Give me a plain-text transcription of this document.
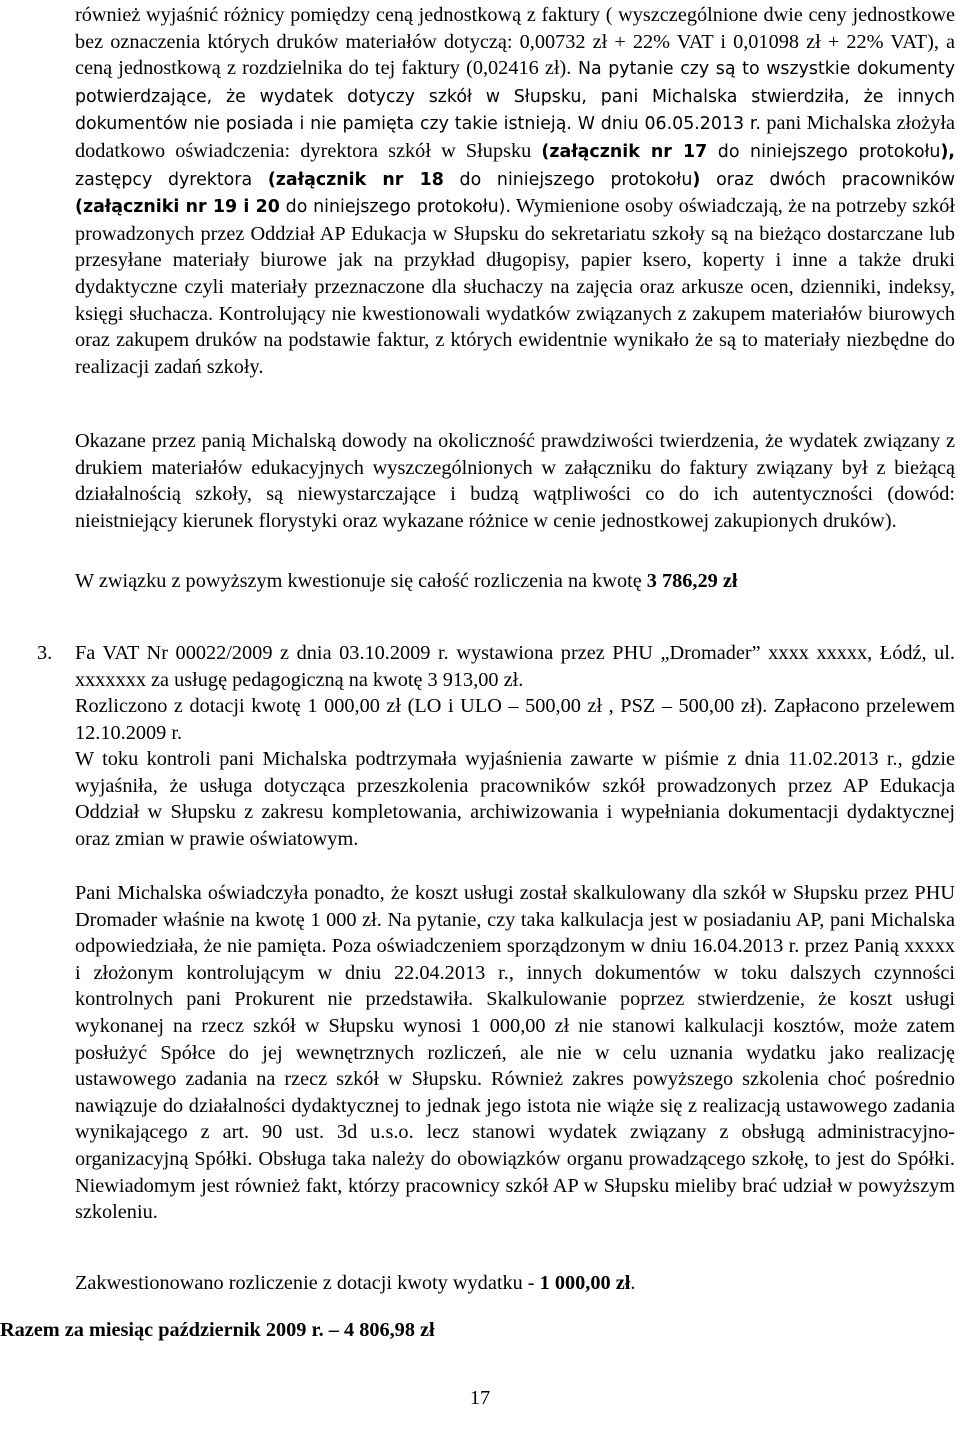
również wyjaśnić różnicy pomiędzy ceną jednostkową z faktury ( wyszczególnione dwie ceny jednostkowe bez oznaczenia których druków materiałów dotyczą: 0,00732 zł + 22% VAT i 0,01098 zł + 22% VAT), a ceną jednostkową z rozdzielnika do tej faktury (0,02416 zł). Na pytanie czy są to wszystkie dokumenty potwierdzające, że wydatek dotyczy szkół w Słupsku, pani Michalska stwierdziła, że innych dokumentów nie posiada i nie pamięta czy takie istnieją. W dniu 06.05.2013 r. pani Michalska złożyła dodatkowo oświadczenia: dyrektora szkół w Słupsku (załącznik nr 17 do niniejszego protokołu), zastępcy dyrektora (załącznik nr 18 do niniejszego protokołu) oraz dwóch pracowników (załączniki nr 19 i 20 do niniejszego protokołu). Wymienione osoby oświadczają, że na potrzeby szkół prowadzonych przez Oddział AP Edukacja w Słupsku do sekretariatu szkoły są na bieżąco dostarczane lub przesyłane materiały biurowe jak na przykład długopisy, papier ksero, koperty i inne a także druki dydaktyczne czyli materiały przeznaczone dla słuchaczy na zajęcia oraz arkusze ocen, dzienniki, indeksy, księgi słuchacza. Kontrolujący nie kwestionowali wydatków związanych z zakupem materiałów biurowych oraz zakupem druków na podstawie faktur, z których ewidentnie wynikało że są to materiały niezbędne do realizacji zadań szkoły.
Okazane przez panią Michalską dowody na okoliczność prawdziwości twierdzenia, że wydatek związany z drukiem materiałów edukacyjnych wyszczególnionych w załączniku do faktury związany był z bieżącą działalnością szkoły, są niewystarczające i budzą wątpliwości co do ich autentyczności (dowód: nieistniejący kierunek florystyki oraz wykazane różnice w cenie jednostkowej zakupionych druków).
W związku z powyższym kwestionuje się całość rozliczenia na kwotę 3 786,29 zł
3. Fa VAT Nr 00022/2009 z dnia 03.10.2009 r. wystawiona przez PHU „Dromader” xxxx xxxxx, Łódź, ul. xxxxxxx za usługę pedagogiczną na kwotę 3 913,00 zł.
Rozliczono z dotacji kwotę 1 000,00 zł (LO i ULO – 500,00 zł , PSZ – 500,00 zł). Zapłacono przelewem 12.10.2009 r.
W toku kontroli pani Michalska podtrzymała wyjaśnienia zawarte w piśmie z dnia 11.02.2013 r., gdzie wyjaśniła, że usługa dotycząca przeszkolenia pracowników szkół prowadzonych przez AP Edukacja Oddział w Słupsku z zakresu kompletowania, archiwizowania i wypełniania dokumentacji dydaktycznej oraz zmian w prawie oświatowym.
Pani Michalska oświadczyła ponadto, że koszt usługi został skalkulowany dla szkół w Słupsku przez PHU Dromader właśnie na kwotę 1 000 zł. Na pytanie, czy taka kalkulacja jest w posiadaniu AP, pani Michalska odpowiedziała, że nie pamięta. Poza oświadczeniem sporządzonym w dniu 16.04.2013 r. przez Panią xxxxx i złożonym kontrolującym w dniu 22.04.2013 r., innych dokumentów w toku dalszych czynności kontrolnych pani Prokurent nie przedstawiła. Skalkulowanie poprzez stwierdzenie, że koszt usługi wykonanej na rzecz szkół w Słupsku wynosi 1 000,00 zł nie stanowi kalkulacji kosztów, może zatem posłużyć Spółce do jej wewnętrznych rozliczeń, ale nie w celu uznania wydatku jako realizację ustawowego zadania na rzecz szkół w Słupsku. Również zakres powyższego szkolenia choć pośrednio nawiązuje do działalności dydaktycznej to jednak jego istota nie wiąże się z realizacją ustawowego zadania wynikającego z art. 90 ust. 3d u.s.o. lecz stanowi wydatek związany z obsługą administracyjno-organizacyjną Spółki. Obsługa taka należy do obowiązków organu prowadzącego szkołę, to jest do Spółki. Niewiadomym jest również fakt, którzy pracownicy szkół AP w Słupsku mieliby brać udział w powyższym szkoleniu.
Zakwestionowano rozliczenie z dotacji kwoty wydatku - 1 000,00 zł.
Razem za miesiąc październik 2009 r. – 4 806,98 zł
17
